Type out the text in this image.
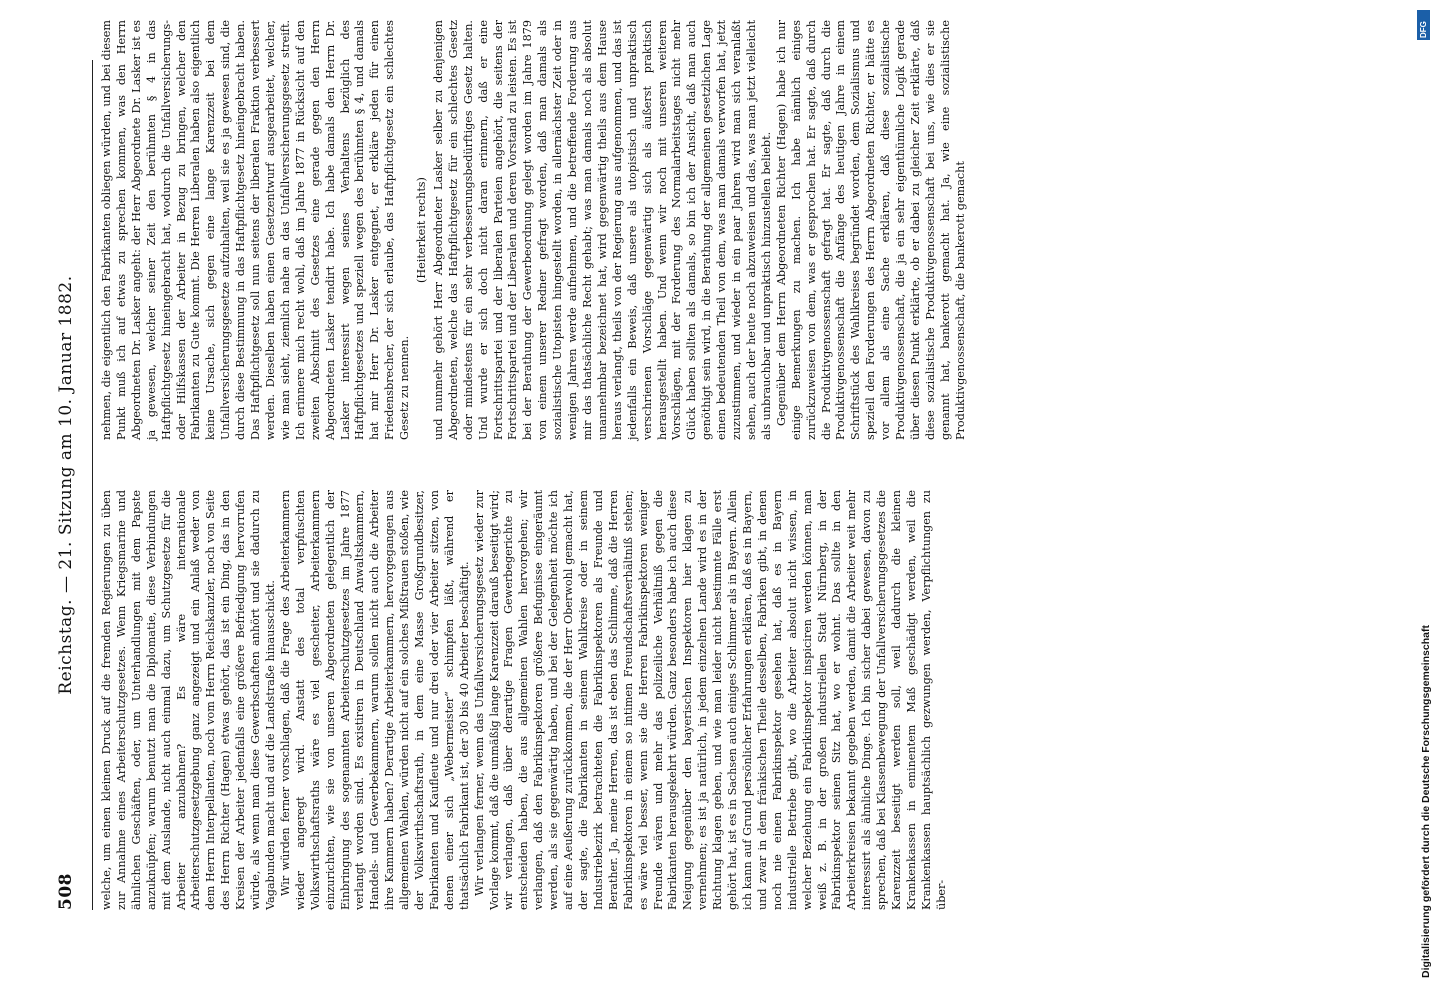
508
Reichstag. — 21. Sitzung am 10. Januar 1882.

welche, um einen kleinen Druck auf die fremden Regierungen zu üben zur Annahme eines Arbeiterschutzgesetzes. Wenn Kriegsmarine und ähnlichen Geschäften, oder, um Unterhandlungen mit dem Papste anzuknüpfen; warum benutzt man die Diplomatie, diese Verbindungen mit dem Auslande, nicht auch einmal dazu, um Schutzgesetze für die Arbeiter anzubahnen? Es wäre internationale Arbeiterschutzgesetzgebung ganz angezeigt und ein Anlaß weder von dem Herrn Interpellanten, noch vom Herrn Reichskanzler, noch von Seite des Herrn Richter (Hagen) etwas gehört, das ist ein Ding, das in den Kreisen der Arbeiter jedenfalls eine größere Befriedigung hervorrufen würde, als wenn man diese Gewerbschaften anhört und sie dadurch zu Vagabunden macht und auf die Landstraße hinausschickt. Wir würden ferner vorschlagen, daß die Frage des Arbeiterkammern wieder angeregt wird. Anstatt des total verpfuschten Volkswirthschaftsraths wäre es viel gescheiter, Arbeiterkammern einzurichten, wie sie von unseren Abgeordneten gelegentlich der Einbringung des sogenannten Arbeiterschutzgesetzes im Jahre 1877 verlangt worden sind. Es existiren in Deutschland Anwaltskammern, Handels- und Gewerbekammern, warum sollen nicht auch die Arbeiter ihre Kammern haben? Derartige Arbeiterkammern, hervorgegangen aus allgemeinen Wahlen, würden nicht auf ein solches Mißtrauen stoßen, wie der Volkswirthschaftsrath, in dem eine Masse Großgrundbesitzer, Fabrikanten und Kaufleute und nur drei oder vier Arbeiter sitzen, von denen einer sich „Webermeister“ schimpfen läßt, während er thatsächlich Fabrikant ist, der 30 bis 40 Arbeiter beschäftigt. Wir verlangen ferner, wenn das Unfallversicherungsgesetz wieder zur Vorlage kommt, daß die unmäßig lange Karenzzeit darauß beseitigt wird; wir verlangen, daß über derartige Fragen Gewerbegerichte zu entscheiden haben, die aus allgemeinen Wahlen hervorgehen; wir verlangen, daß den Fabrikinspektoren größere Befugnisse eingeräumt werden, als sie gegenwärtig haben, und bei der Gelegenheit möchte ich auf eine Aeußerung zurückkommen, die der Herr Oberwohl gemacht hat, der sagte, die Fabrikanten in seinem Wahlkreise oder in seinem Industriebezirk betrachteten die Fabrikinspektoren als Freunde und Berather. Ja, meine Herren, das ist eben das Schlimme, daß die Herren Fabrikinspektoren in einem so intimen Freundschaftsverhältniß stehen; es wäre viel besser, wenn sie die Herren Fabrikinspektoren weniger Freunde wären und mehr das polizeiliche Verhältniß gegen die Fabrikanten herausgekehrt würden. Ganz besonders habe ich auch diese Neigung gegenüber den bayerischen Inspektoren hier klagen zu vernehmen; es ist ja natürlich, in jedem einzelnen Lande wird es in der Richtung klagen geben, und wie man leider nicht bestimmte Fälle erst gehört hat, ist es in Sachsen auch einiges Schlimmer als in Bayern. Allein ich kann auf Grund persönlicher Erfahrungen erklären, daß es in Bayern, und zwar in dem fränkischen Theile desselben, Fabriken gibt, in denen noch nie einen Fabrikinspektor gesehen hat, daß es in Bayern industrielle Betriebe gibt, wo die Arbeiter absolut nicht wissen, in welcher Beziehung ein Fabrikinspektor inspiciren werden können, man weiß z. B. in der großen industriellen Stadt Nürnberg, in der Fabrikinspektor seinen Sitz hat, wo er wohnt. Das sollte in den Arbeiterkreisen bekannt gegeben werden, damit die Arbeiter weit mehr interessirt als ähnliche Dinge. Ich bin sicher dabei gewesen, davon zu sprechen, daß bei Klassenbewegung der Unfallversicherungsgesetzes die Karenzzeit beseitigt werden soll, weil dadurch die kleinen Krankenkassen in eminentem Maß geschädigt werden, weil die Krankenkassen hauptsächlich gezwungen werden, Verpflichtungen zu über-

nehmen, die eigentlich den Fabrikanten obliegen würden, und bei diesem Punkt muß ich auf etwas zu sprechen kommen, was den Herrn Abgeordneten Dr. Lasker angeht: der Herr Abgeordnete Dr. Lasker ist es ja gewesen, welcher seiner Zeit den berühmten § 4 in das Haftpflichtgesetz hineingebracht hat, wodurch die Unfallversicherungs- oder Hilfskassen der Arbeiter in Bezug zu bringen, welcher den Fabrikanten zu Gute kommt. Die Herren Liberalen haben also eigentlich keine Ursache, sich gegen eine lange Karenzzeit bei dem Unfallversicherungsgesetze aufzuhalten, weil sie es ja gewesen sind, die durch diese Bestimmung in das Haftpflichtgesetz hineingebracht haben. Das Haftpflichtgesetz soll nun seitens der liberalen Fraktion verbessert werden. Dieselben haben einen Gesetzentwurf ausgearbeitet, welcher, wie man sieht, ziemlich nahe an das Unfallversicherungsgesetz streift. Ich erinnere mich recht wohl, daß im Jahre 1877 in Rücksicht auf den zweiten Abschnitt des Gesetzes eine gerade gegen den Herrn Abgeordneten Lasker tendirt habe. Ich habe damals den Herrn Dr. Lasker interessirt wegen seines Verhaltens bezüglich des Haftpflichtgesetzes und speziell wegen des berühmten § 4, und damals hat mir Herr Dr. Lasker entgegnet, er erkläre jeden für einen Friedensbrecher, der sich erlaube, das Haftpflichtgesetz ein schlechtes Gesetz zu nennen.

(Heiterkeit rechts) und nunmehr gehört Herr Abgeordneter Lasker selber zu denjenigen Abgeordneten, welche das Haftpflichtgesetz für ein schlechtes Gesetz oder mindestens für ein sehr verbesserungsbedürftiges Gesetz halten. Und wurde er sich doch nicht daran erinnern, daß er eine Fortschrittspartei und der liberalen Parteien angehört, die seitens der Fortschrittspartei und der Liberalen und deren Vorstand zu leisten. Es ist bei der Berathung der Gewerbeordnung gelegt worden im Jahre 1879 von einem unserer Redner gefragt worden, daß man damals als sozialistische Utopisten hingestellt worden, in allernächster Zeit oder in wenigen Jahren werde aufnehmen, und die betreffende Forderung aus mir das thatsächliche Recht gehabt; was man damals noch als absolut unannehmbar bezeichnet hat, wird gegenwärtig theils aus dem Hause heraus verlangt, theils von der Regierung aus aufgenommen, und das ist jedenfalls ein Beweis, daß unsere als utopistisch und unpraktisch verschrienen Vorschläge gegenwärtig sich als äußerst praktisch herausgestellt haben. Und wenn wir noch mit unseren weiteren Vorschlägen, mit der Forderung des Normalarbeitstages nicht mehr Glück haben sollten als damals, so bin ich der Ansicht, daß man auch genöthigt sein wird, in die Berathung der allgemeinen gesetzlichen Lage einen bedeutenden Theil von dem, was man damals verworfen hat, jetzt zuzustimmen, und wieder in ein paar Jahren wird man sich veranlaßt sehen, auch der heute noch abzuweisen und das, was man jetzt vielleicht als unbrauchbar und unpraktisch hinzustellen beliebt. Gegenüber dem Herrn Abgeordneten Richter (Hagen) habe ich nur einige Bemerkungen zu machen. Ich habe nämlich einiges zurückzuweisen von dem, was er gesprochen hat. Er sagte, daß durch die Produktivgenossenschaft gefragt hat. Er sagte, daß durch die Produktivgenossenschaft die Anfänge des heutigen Jahre in einem Schriftstück des Wahlkreises begründet worden, dem Sozialismus und speziell den Forderungen des Herrn Abgeordneten Richter, er hätte es vor allem als eine Sache erklären, daß diese sozialistische Produktivgenossenschaft, die ja ein sehr eigenthümliche Logik gerade über diesen Punkt erklärte, ob er dabei zu gleicher Zeit erklärte, daß diese sozialistische Produktivgenossenschaft bei uns, wie dies er sie genannt hat, bankerott gemacht hat. Ja, wie eine sozialistische Produktivgenossenschaft, die bankerott gemacht

Digitalisierung gefördert durch die Deutsche Forschungsgemeinschaft
DFG
